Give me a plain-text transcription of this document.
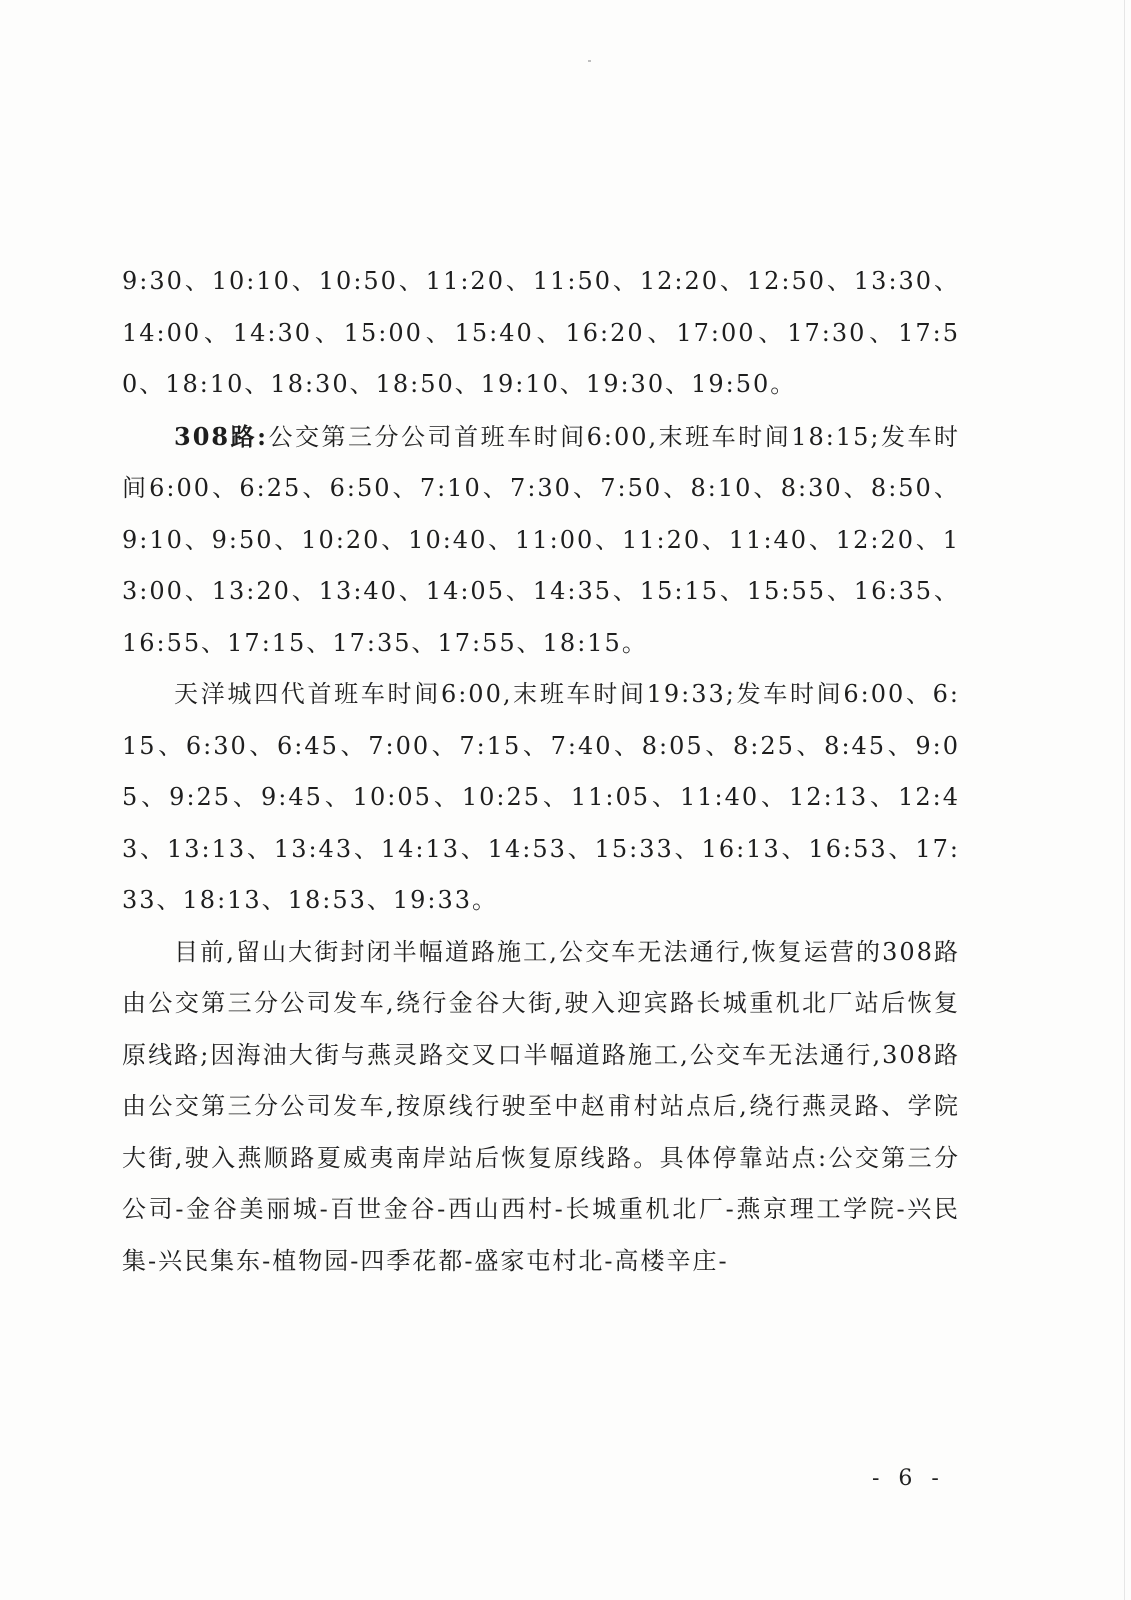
9:30、10:10、10:50、11:20、11:50、12:20、12:50、13:30、14:00、14:30、15:00、15:40、16:20、17:00、17:30、17:50、18:10、18:30、18:50、19:10、19:30、19:50。

308路:公交第三分公司首班车时间6:00,末班车时间18:15;发车时间6:00、6:25、6:50、7:10、7:30、7:50、8:10、8:30、8:50、9:10、9:50、10:20、10:40、11:00、11:20、11:40、12:20、13:00、13:20、13:40、14:05、14:35、15:15、15:55、16:35、16:55、17:15、17:35、17:55、18:15。

天洋城四代首班车时间6:00,末班车时间19:33;发车时间6:00、6:15、6:30、6:45、7:00、7:15、7:40、8:05、8:25、8:45、9:05、9:25、9:45、10:05、10:25、11:05、11:40、12:13、12:43、13:13、13:43、14:13、14:53、15:33、16:13、16:53、17:33、18:13、18:53、19:33。

目前,留山大街封闭半幅道路施工,公交车无法通行,恢复运营的308路由公交第三分公司发车,绕行金谷大街,驶入迎宾路长城重机北厂站后恢复原线路;因海油大街与燕灵路交叉口半幅道路施工,公交车无法通行,308路由公交第三分公司发车,按原线行驶至中赵甫村站点后,绕行燕灵路、学院大街,驶入燕顺路夏威夷南岸站后恢复原线路。具体停靠站点:公交第三分公司-金谷美丽城-百世金谷-西山西村-长城重机北厂-燕京理工学院-兴民集-兴民集东-植物园-四季花都-盛家屯村北-高楼辛庄-

- 6 -
